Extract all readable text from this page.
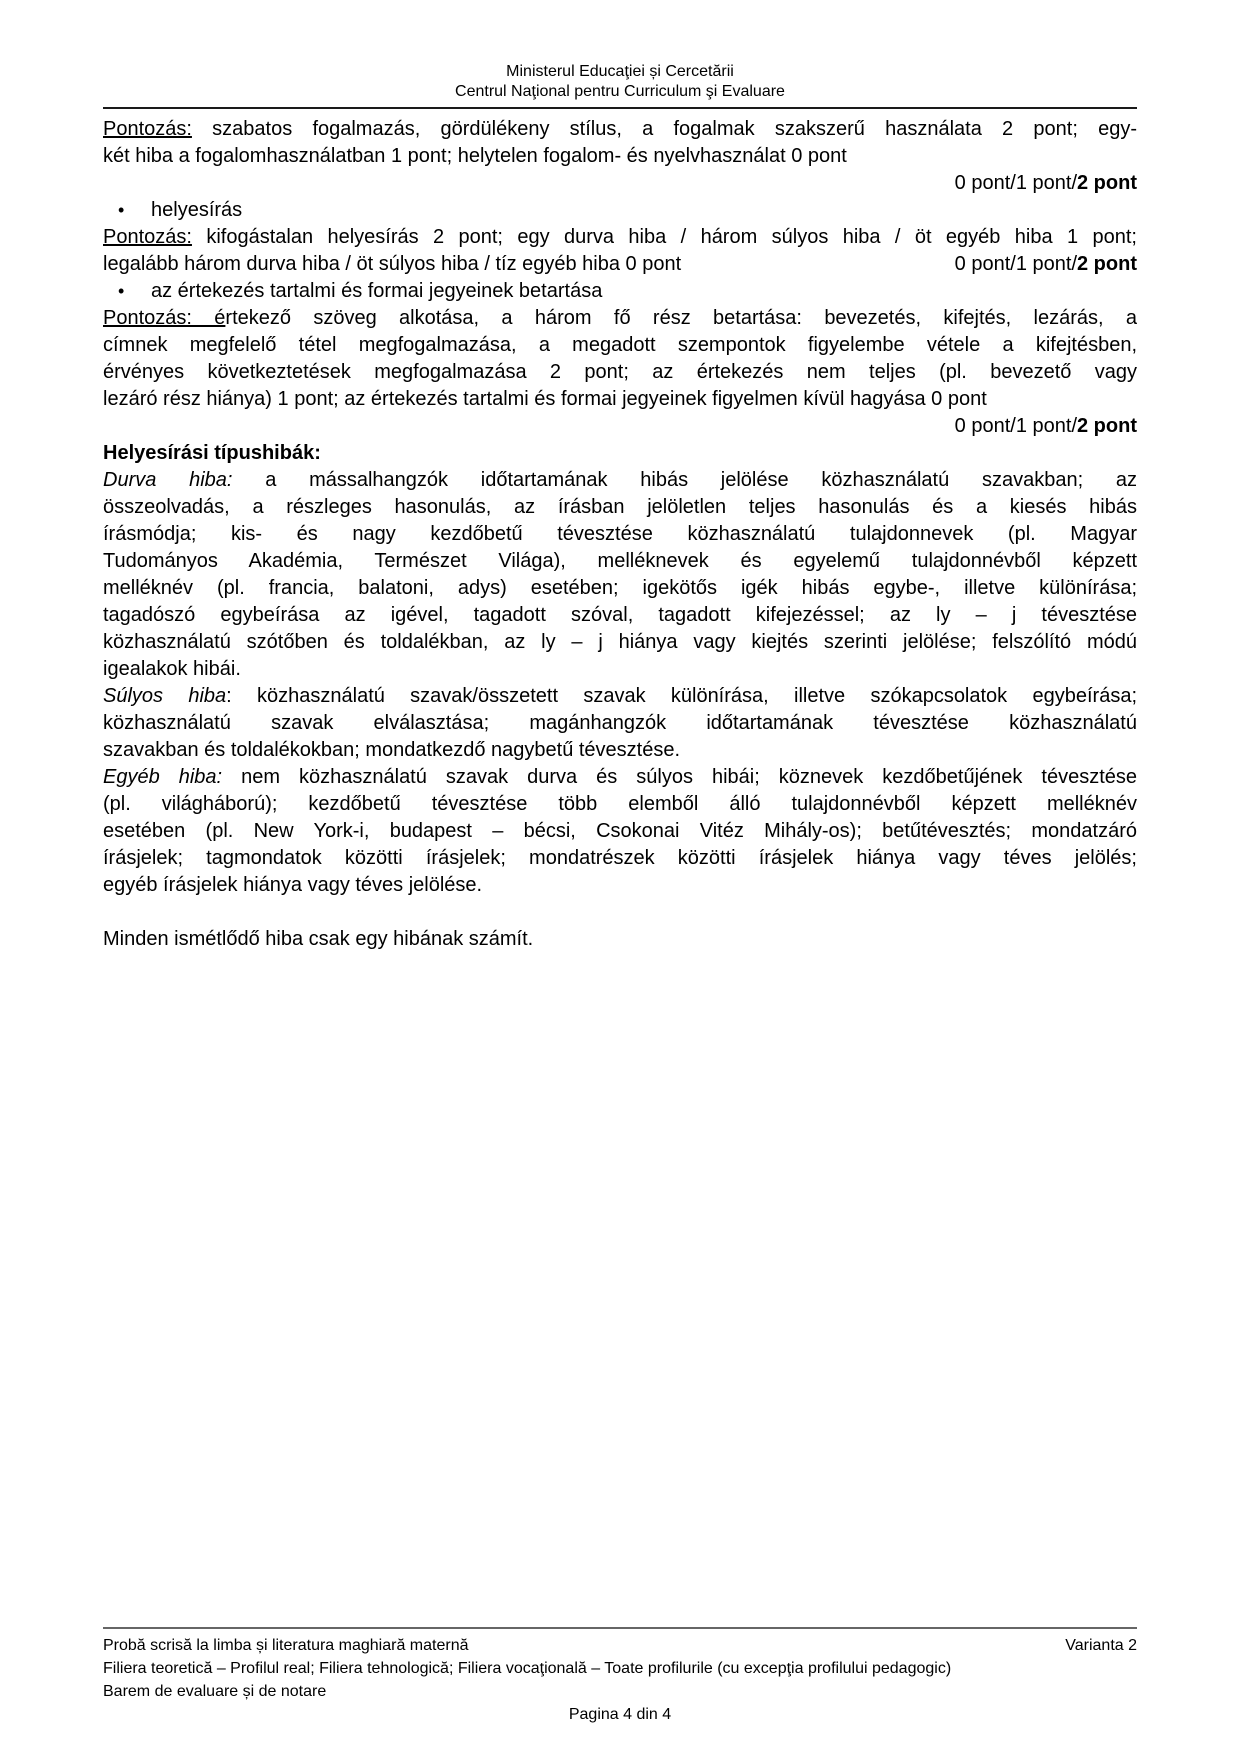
Ministerul Educaţiei și Cercetării
Centrul Naţional pentru Curriculum şi Evaluare
Pontozás: szabatos fogalmazás, gördülékeny stílus, a fogalmak szakszerű használata 2 pont; egy-
két hiba a fogalomhasználatban 1 pont; helytelen fogalom- és nyelvhasználat 0 pont
0 pont/1 pont/2 pont
• helyesírás
Pontozás: kifogástalan helyesírás 2 pont; egy durva hiba / három súlyos hiba / öt egyéb hiba 1 pont;
legalább három durva hiba / öt súlyos hiba / tíz egyéb hiba 0 pont	0 pont/1 pont/2 pont
• az értekezés tartalmi és formai jegyeinek betartása
Pontozás: értekező szöveg alkotása, a három fő rész betartása: bevezetés, kifejtés, lezárás, a
címnek megfelelő tétel megfogalmazása, a megadott szempontok figyelembe vétele a kifejtésben,
érvényes következtetések megfogalmazása 2 pont; az értekezés nem teljes (pl. bevezető vagy
lezáró rész hiánya) 1 pont; az értekezés tartalmi és formai jegyeinek figyelmen kívül hagyása 0 pont
0 pont/1 pont/2 pont
Helyesírási típushibák:
Durva hiba: a mássalhangzók időtartamának hibás jelölése közhasználatú szavakban; az
összeolvadás, a részleges hasonulás, az írásban jelöletlen teljes hasonulás és a kiesés hibás
írásmódja; kis- és nagy kezdőbetű tévesztése közhasználatú tulajdonnevek (pl. Magyar
Tudományos Akadémia, Természet Világa), melléknevek és egyelemű tulajdonnévből képzett
melléknév (pl. francia, balatoni, adys) esetében; igekötős igék hibás egybe-, illetve különírása;
tagadószó egybeírása az igével, tagadott szóval, tagadott kifejezéssel; az ly – j tévesztése
közhasználatú szótőben és toldalékban, az ly – j hiánya vagy kiejtés szerinti jelölése; felszólító módú
igealakok hibái.
Súlyos hiba: közhasználatú szavak/összetett szavak különírása, illetve szókapcsolatok egybeírása;
közhasználatú szavak elválasztása; magánhangzók időtartamának tévesztése közhasználatú
szavakban és toldalékokban; mondatkezdő nagybetű tévesztése.
Egyéb hiba: nem közhasználatú szavak durva és súlyos hibái; köznevek kezdőbetűjének tévesztése
(pl. világháború); kezdőbetű tévesztése több elemből álló tulajdonnévből képzett melléknév
esetében (pl. New York-i, budapest – bécsi, Csokonai Vitéz Mihály-os); betűtévesztés; mondatzáró
írásjelek; tagmondatok közötti írásjelek; mondatrészek közötti írásjelek hiánya vagy téves jelölés;
egyéb írásjelek hiánya vagy téves jelölése.
Minden ismétlődő hiba csak egy hibának számít.
Probă scrisă la limba și literatura maghiară maternă	Varianta 2
Filiera teoretică – Profilul real; Filiera tehnologică; Filiera vocaţională – Toate profilurile (cu excepţia profilului pedagogic)
Barem de evaluare și de notare
Pagina 4 din 4
